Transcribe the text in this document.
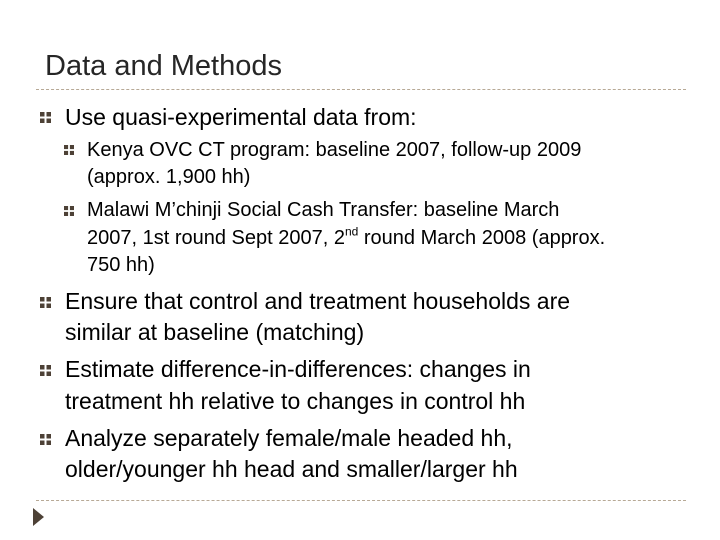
Data and Methods
Use quasi-experimental data from:
Kenya OVC CT program: baseline 2007, follow-up 2009
(approx. 1,900 hh)
Malawi M’chinji Social Cash Transfer: baseline March
2007, 1st round Sept 2007, 2nd round March 2008 (approx.
750 hh)
Ensure that control and treatment households are
similar at baseline (matching)
Estimate difference-in-differences: changes in
treatment hh relative to changes in control hh
Analyze separately female/male headed hh,
older/younger hh head and smaller/larger hh
